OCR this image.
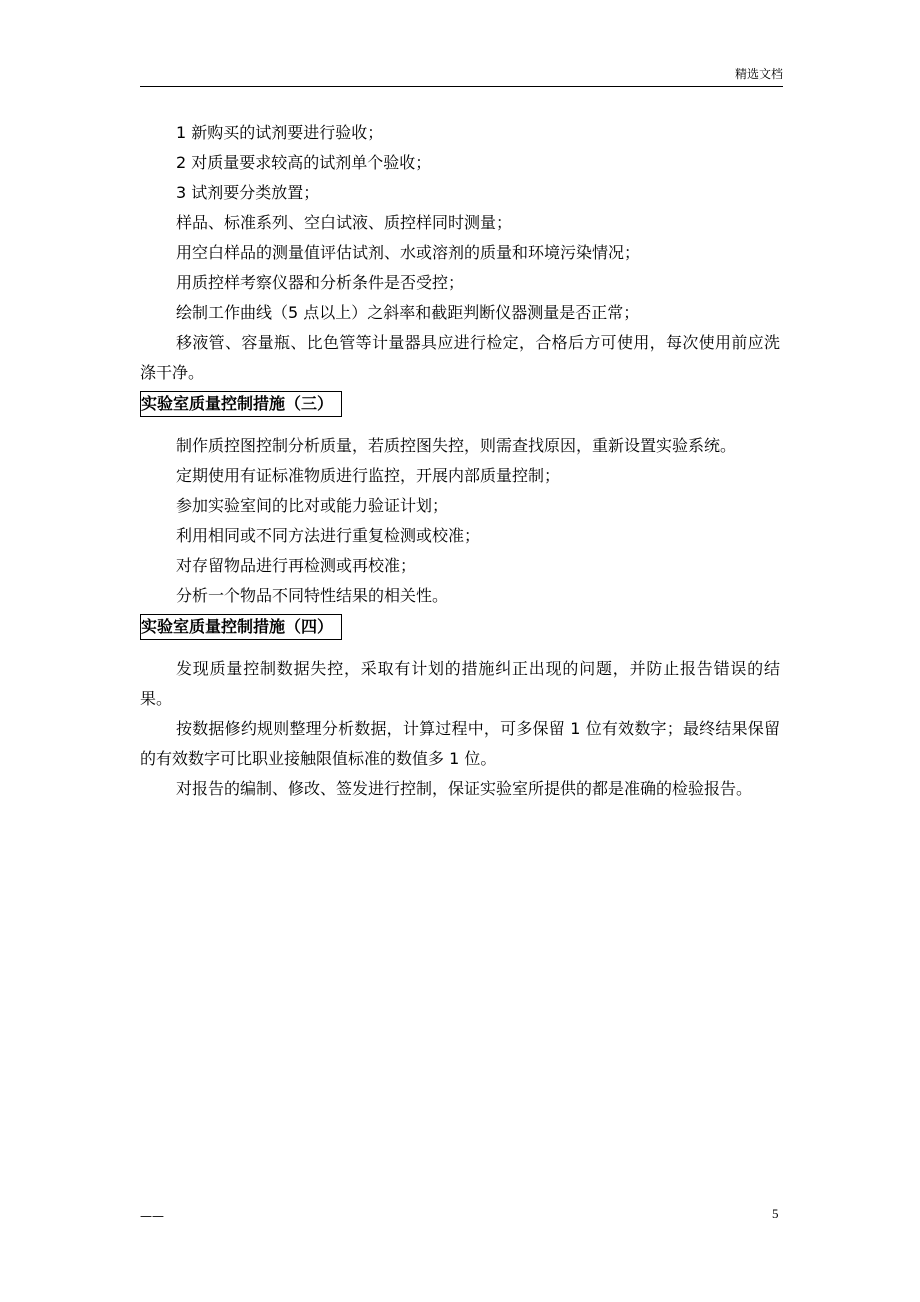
精选文档

1 新购买的试剂要进行验收；

2 对质量要求较高的试剂单个验收；

3 试剂要分类放置；

样品、标准系列、空白试液、质控样同时测量；

用空白样品的测量值评估试剂、水或溶剂的质量和环境污染情况；

用质控样考察仪器和分析条件是否受控；

绘制工作曲线（5 点以上）之斜率和截距判断仪器测量是否正常；

移液管、容量瓶、比色管等计量器具应进行检定，合格后方可使用，每次使用前应洗涤干净。

实验室质量控制措施（三）

制作质控图控制分析质量，若质控图失控，则需查找原因，重新设置实验系统。

定期使用有证标准物质进行监控，开展内部质量控制；

参加实验室间的比对或能力验证计划；

利用相同或不同方法进行重复检测或校准；

对存留物品进行再检测或再校准；

分析一个物品不同特性结果的相关性。

实验室质量控制措施（四）

发现质量控制数据失控，采取有计划的措施纠正出现的问题，并防止报告错误的结果。

按数据修约规则整理分析数据，计算过程中，可多保留 1 位有效数字；最终结果保留的有效数字可比职业接触限值标准的数值多 1 位。

对报告的编制、修改、签发进行控制，保证实验室所提供的都是准确的检验报告。

——	5
